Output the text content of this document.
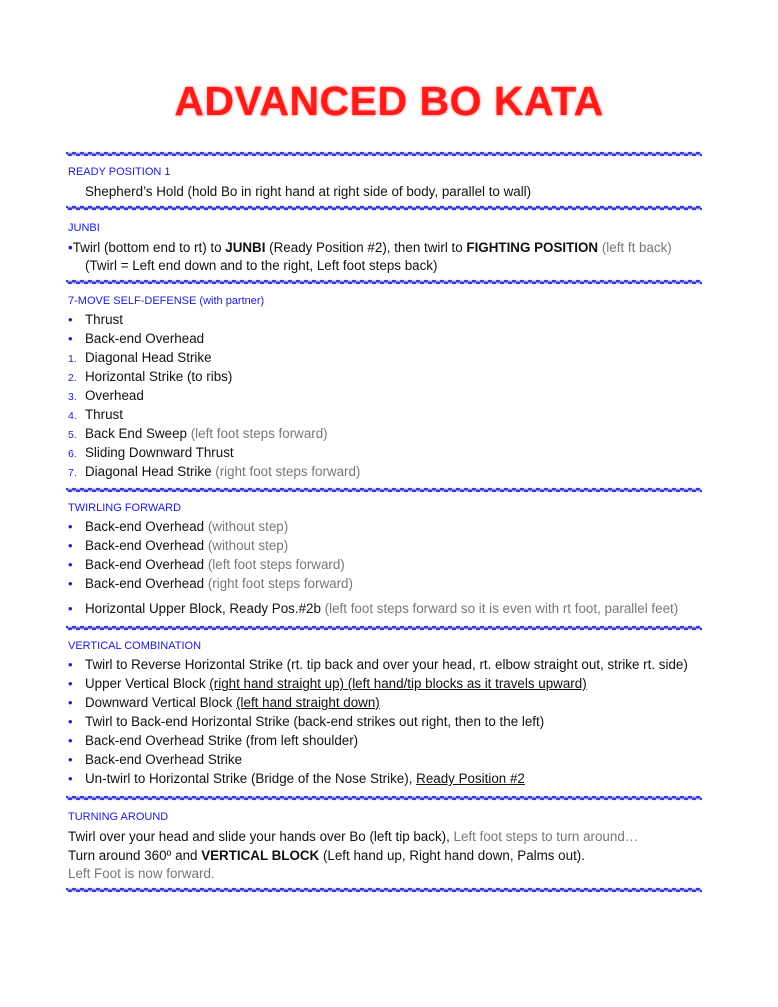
ADVANCED BO KATA
READY POSITION 1
Shepherd’s Hold (hold Bo in right hand at right side of body, parallel to wall)
JUNBI
•Twirl (bottom end to rt) to JUNBI (Ready Position #2), then twirl to FIGHTING POSITION (left ft back)
(Twirl = Left end down and to the right, Left foot steps back)
7-MOVE SELF-DEFENSE (with partner)
• Thrust
• Back-end Overhead
1. Diagonal Head Strike
2. Horizontal Strike (to ribs)
3. Overhead
4. Thrust
5. Back End Sweep (left foot steps forward)
6. Sliding Downward Thrust
7. Diagonal Head Strike (right foot steps forward)
TWIRLING FORWARD
• Back-end Overhead (without step)
• Back-end Overhead (without step)
• Back-end Overhead (left foot steps forward)
• Back-end Overhead (right foot steps forward)
• Horizontal Upper Block, Ready Pos.#2b (left foot steps forward so it is even with rt foot, parallel feet)
VERTICAL COMBINATION
• Twirl to Reverse Horizontal Strike (rt. tip back and over your head, rt. elbow straight out, strike rt. side)
• Upper Vertical Block (right hand straight up) (left hand/tip blocks as it travels upward)
• Downward Vertical Block (left hand straight down)
• Twirl to Back-end Horizontal Strike (back-end strikes out right, then to the left)
• Back-end Overhead Strike (from left shoulder)
• Back-end Overhead Strike
• Un-twirl to Horizontal Strike (Bridge of the Nose Strike), Ready Position #2
TURNING AROUND
Twirl over your head and slide your hands over Bo (left tip back), Left foot steps to turn around…
Turn around 360º and VERTICAL BLOCK (Left hand up, Right hand down, Palms out).
Left Foot is now forward.
